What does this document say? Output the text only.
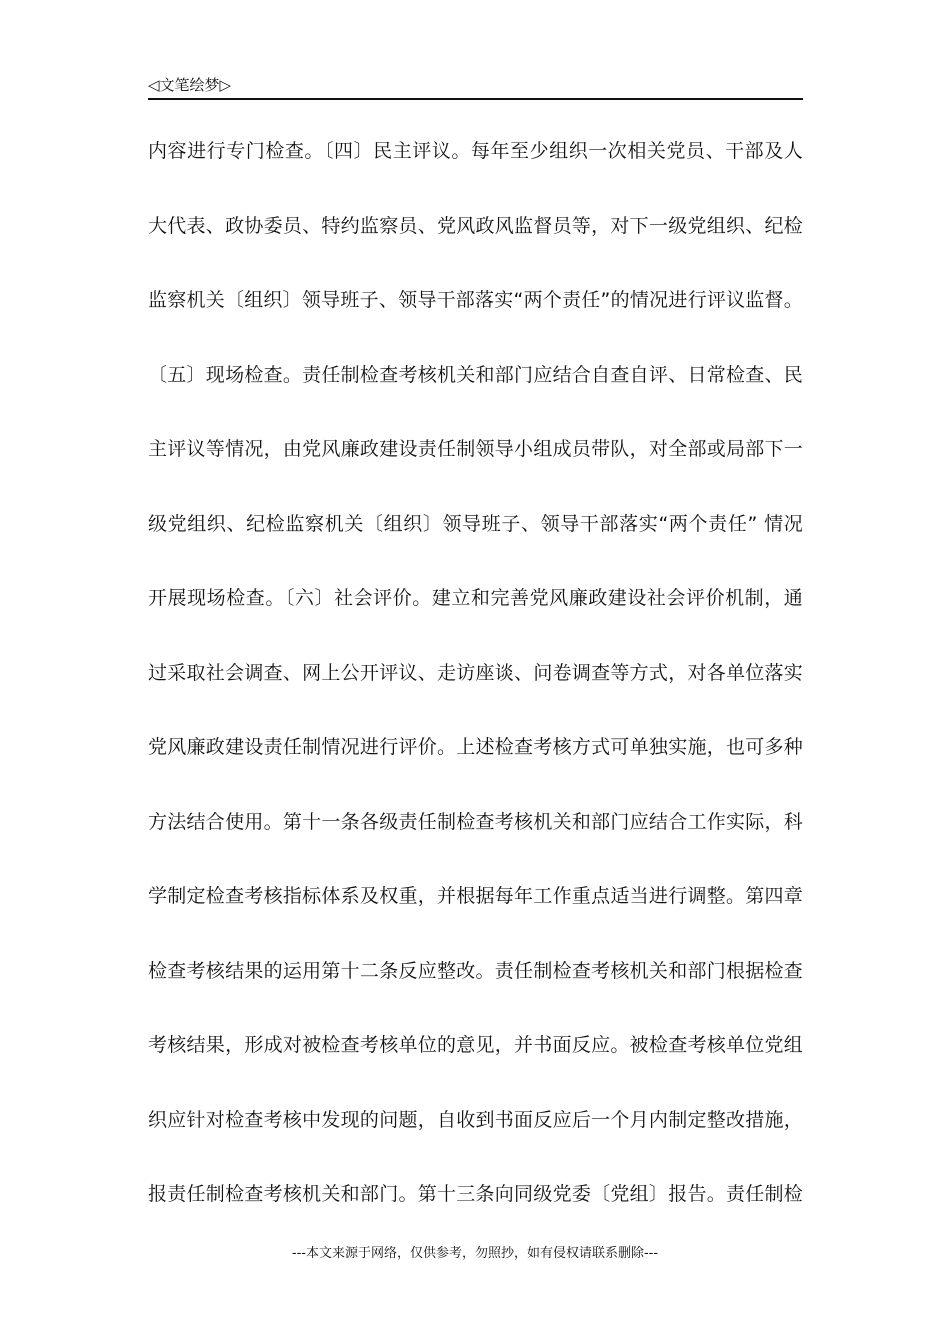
◁文笔绘梦▷
内容进行专门检查。〔四〕民主评议。每年至少组织一次相关党员、干部及人
大代表、政协委员、特约监察员、党风政风监督员等，对下一级党组织、纪检
监察机关〔组织〕领导班子、领导干部落实“两个责任”的情况进行评议监督。
〔五〕现场检查。责任制检查考核机关和部门应结合自查自评、日常检查、民
主评议等情况，由党风廉政建设责任制领导小组成员带队，对全部或局部下一
级党组织、纪检监察机关〔组织〕领导班子、领导干部落实“两个责任” 情况
开展现场检查。〔六〕社会评价。建立和完善党风廉政建设社会评价机制，通
过采取社会调查、网上公开评议、走访座谈、问卷调查等方式，对各单位落实
党风廉政建设责任制情况进行评价。上述检查考核方式可单独实施，也可多种
方法结合使用。第十一条各级责任制检查考核机关和部门应结合工作实际，科
学制定检查考核指标体系及权重，并根据每年工作重点适当进行调整。第四章
检查考核结果的运用第十二条反应整改。责任制检查考核机关和部门根据检查
考核结果，形成对被检查考核单位的意见，并书面反应。被检查考核单位党组
织应针对检查考核中发现的问题，自收到书面反应后一个月内制定整改措施，
报责任制检查考核机关和部门。第十三条向同级党委〔党组〕报告。责任制检
---本文来源于网络，仅供参考，勿照抄，如有侵权请联系删除---
